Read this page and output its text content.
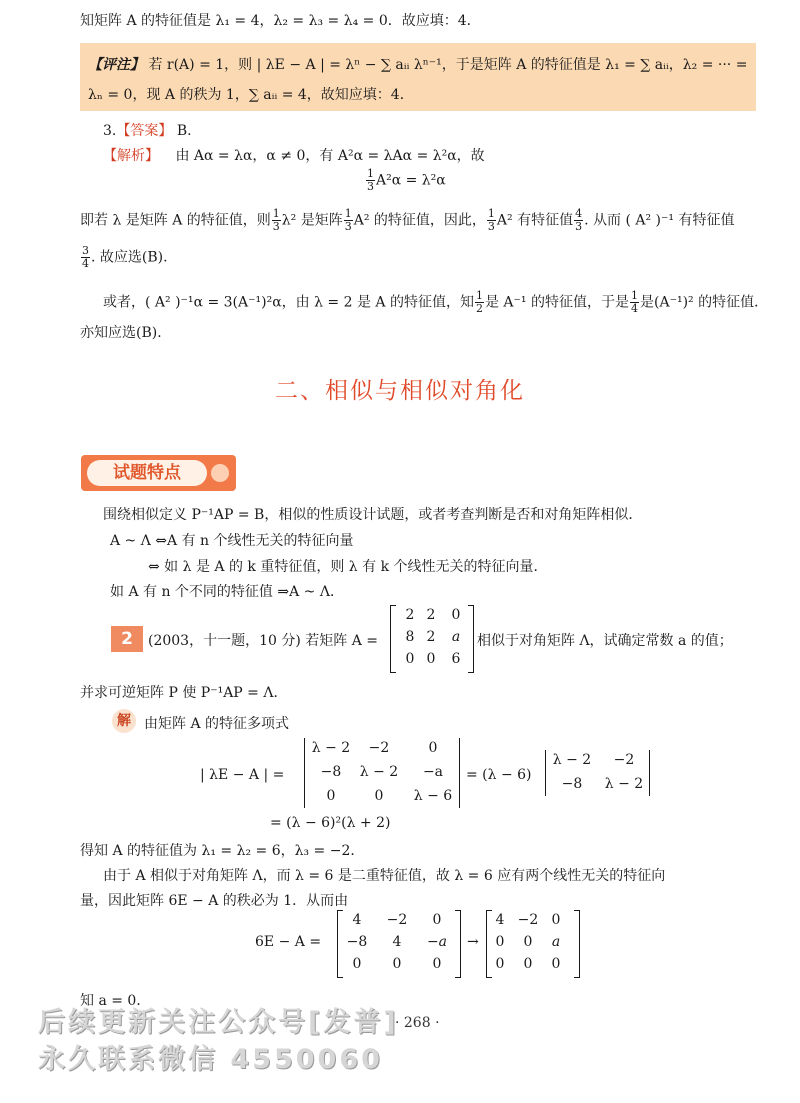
知矩阵 A 的特征值是 λ₁ = 4，λ₂ = λ₃ = λ₄ = 0．故应填：4．
【评注】 若 r(A) = 1，则 | λE − A | = λⁿ − ∑ aᵢᵢ λⁿ⁻¹，于是矩阵 A 的特征值是 λ₁ = ∑ aᵢᵢ，λ₂ = ··· =
λₙ = 0，现 A 的秩为 1，∑ aᵢᵢ = 4，故知应填：4．
3.【答案】 B.
【解析】 由 Aα = λα，α ≠ 0，有 A²α = λAα = λ²α，故
$\frac{1}{3} A^2\alpha = \lambda^2\alpha$
即若 λ 是矩阵 A 的特征值，则 $\frac{1}{3} \lambda^2$ 是矩阵 $\frac{1}{3} A^2$ 的特征值，因此， $\frac{1}{3} A^2$ 有特征值 $\frac{4}{3}$ . 从而 ( A² )⁻¹ 有特征值
$\frac{3}{4}$ . 故应选(B).
或者，( A² )⁻¹α = 3(A⁻¹)²α，由 λ = 2 是 A 的特征值，知 $\frac{1}{2}$ 是 A⁻¹ 的特征值，于是 $\frac{1}{4}$ 是(A⁻¹)² 的特征值．
亦知应选(B)．
二、相似与相似对角化
试题特点
围绕相似定义 P⁻¹AP = B，相似的性质设计试题，或者考查判断是否和对角矩阵相似．
A ~ Λ ⇔A 有 n 个线性无关的特征向量
⇔ 如 λ 是 A 的 k 重特征值，则 λ 有 k 个线性无关的特征向量．
如 A 有 n 个不同的特征值 ⇒A ~ Λ．
2	(2003，十一题，10 分) 若矩阵 A =
2 2	0
8 2	a
0 0	6
相似于对角矩阵 Λ，试确定常数 a 的值；
并求可逆矩阵 P 使 P⁻¹AP = Λ．
解 由矩阵 A 的特征多项式
| λE − A | =
λ − 2	−2	0
−8	λ − 2	−a
0	0	λ − 6
= (λ − 6)
λ − 2	−2
−8	λ − 2
= (λ − 6)²(λ + 2)
得知 A 的特征值为 λ₁ = λ₂ = 6，λ₃ = −2．
由于 A 相似于对角矩阵 Λ，而 λ = 6 是二重特征值，故 λ = 6 应有两个线性无关的特征向
量，因此矩阵 6E − A 的秩必为 1．从而由
6E − A =
4	−2	0
−8	4	−a
0	0	0
→
4 −2 0
0	0	a
0	0	0
知 a = 0．
· 268 ·
后续更新关注公众号[发普]
永久联系微信 4550060
